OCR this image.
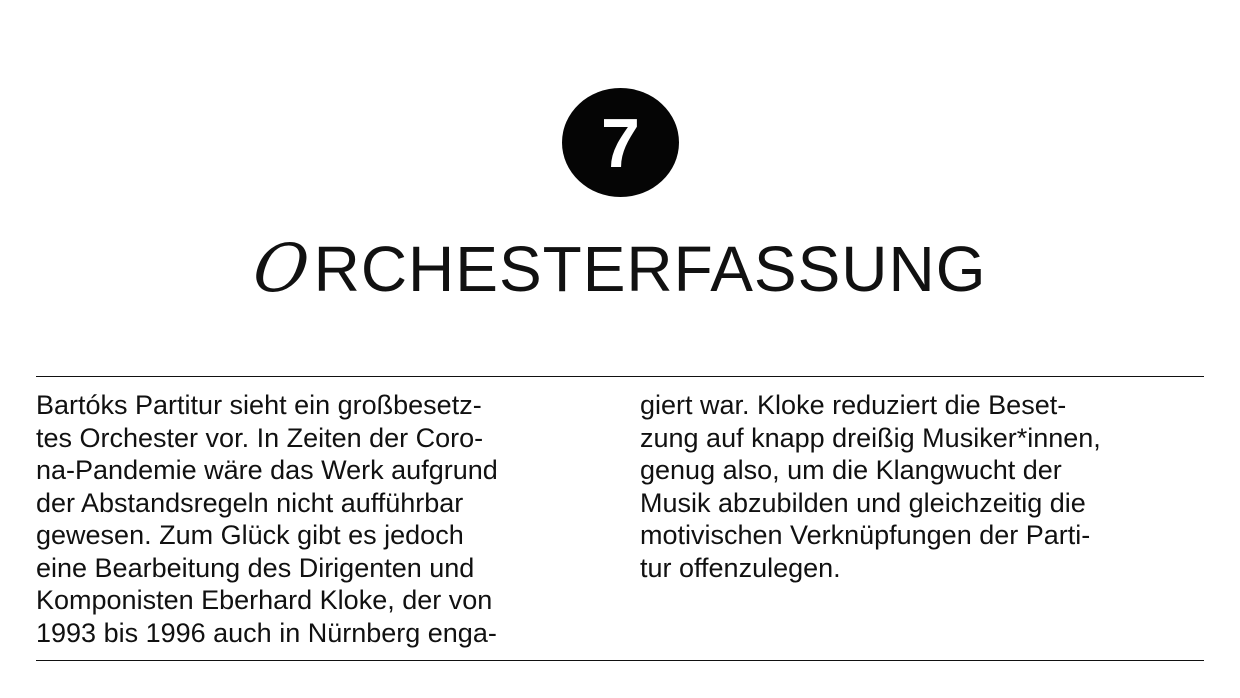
7
O RCHESTERFASSUNG
Bartóks Partitur sieht ein großbesetz-
tes Orchester vor. In Zeiten der Coro-
na-Pandemie wäre das Werk aufgrund
der Abstandsregeln nicht aufführbar
gewesen. Zum Glück gibt es jedoch
eine Bearbeitung des Dirigenten und
Komponisten Eberhard Kloke, der von
1993 bis 1996 auch in Nürnberg enga-
giert war. Kloke reduziert die Beset-
zung auf knapp dreißig Musiker*innen,
genug also, um die Klangwucht der
Musik abzubilden und gleichzeitig die
motivischen Verknüpfungen der Parti-
tur offenzulegen.
